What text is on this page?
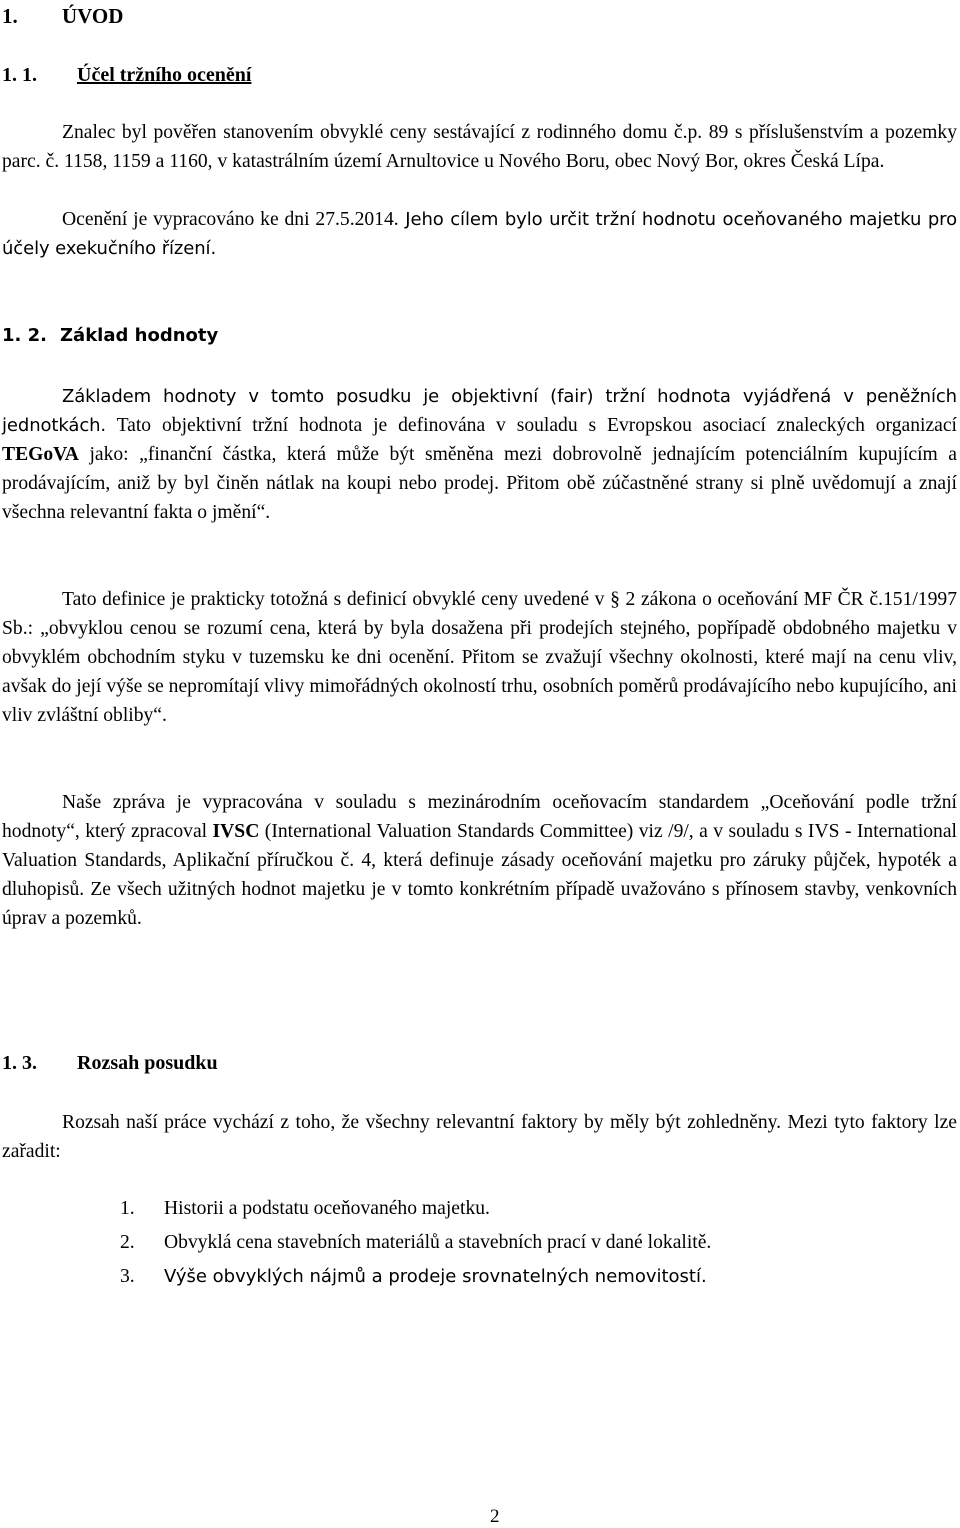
1. ÚVOD
1. 1. Účel tržního ocenění

Znalec byl pověřen stanovením obvyklé ceny sestávající z rodinného domu č.p. 89 s příslušenstvím a pozemky parc. č. 1158, 1159 a 1160, v katastrálním území Arnultovice u Nového Boru, obec Nový Bor, okres Česká Lípa.

Ocenění je vypracováno ke dni 27.5.2014. Jeho cílem bylo určit tržní hodnotu oceňovaného majetku pro účely exekučního řízení.

1. 2. Základ hodnoty

Základem hodnoty v tomto posudku je objektivní (fair) tržní hodnota vyjádřená v peněžních jednotkách. Tato objektivní tržní hodnota je definována v souladu s Evropskou asociací znaleckých organizací TEGoVA jako: „finanční částka, která může být směněna mezi dobrovolně jednajícím potenciálním kupujícím a prodávajícím, aniž by byl činěn nátlak na koupi nebo prodej. Přitom obě zúčastněné strany si plně uvědomují a znají všechna relevantní fakta o jmění“.

Tato definice je prakticky totožná s definicí obvyklé ceny uvedené v § 2 zákona o oceňování MF ČR č.151/1997 Sb.: „obvyklou cenou se rozumí cena, která by byla dosažena při prodejích stejného, popřípadě obdobného majetku v obvyklém obchodním styku v tuzemsku ke dni ocenění. Přitom se zvažují všechny okolnosti, které mají na cenu vliv, avšak do její výše se nepromítají vlivy mimořádných okolností trhu, osobních poměrů prodávajícího nebo kupujícího, ani vliv zvláštní obliby“.

Naše zpráva je vypracována v souladu s mezinárodním oceňovacím standardem „Oceňování podle tržní hodnoty“, který zpracoval IVSC (International Valuation Standards Committee) viz /9/, a v souladu s IVS - International Valuation Standards, Aplikační příručkou č. 4, která definuje zásady oceňování majetku pro záruky půjček, hypoték a dluhopisů. Ze všech užitných hodnot majetku je v tomto konkrétním případě uvažováno s přínosem stavby, venkovních úprav a pozemků.

1. 3. Rozsah posudku

Rozsah naší práce vychází z toho, že všechny relevantní faktory by měly být zohledněny. Mezi tyto faktory lze zařadit:

1. Historii a podstatu oceňovaného majetku.
2. Obvyklá cena stavebních materiálů a stavebních prací v dané lokalitě.
3. Výše obvyklých nájmů a prodeje srovnatelných nemovitostí.
2
